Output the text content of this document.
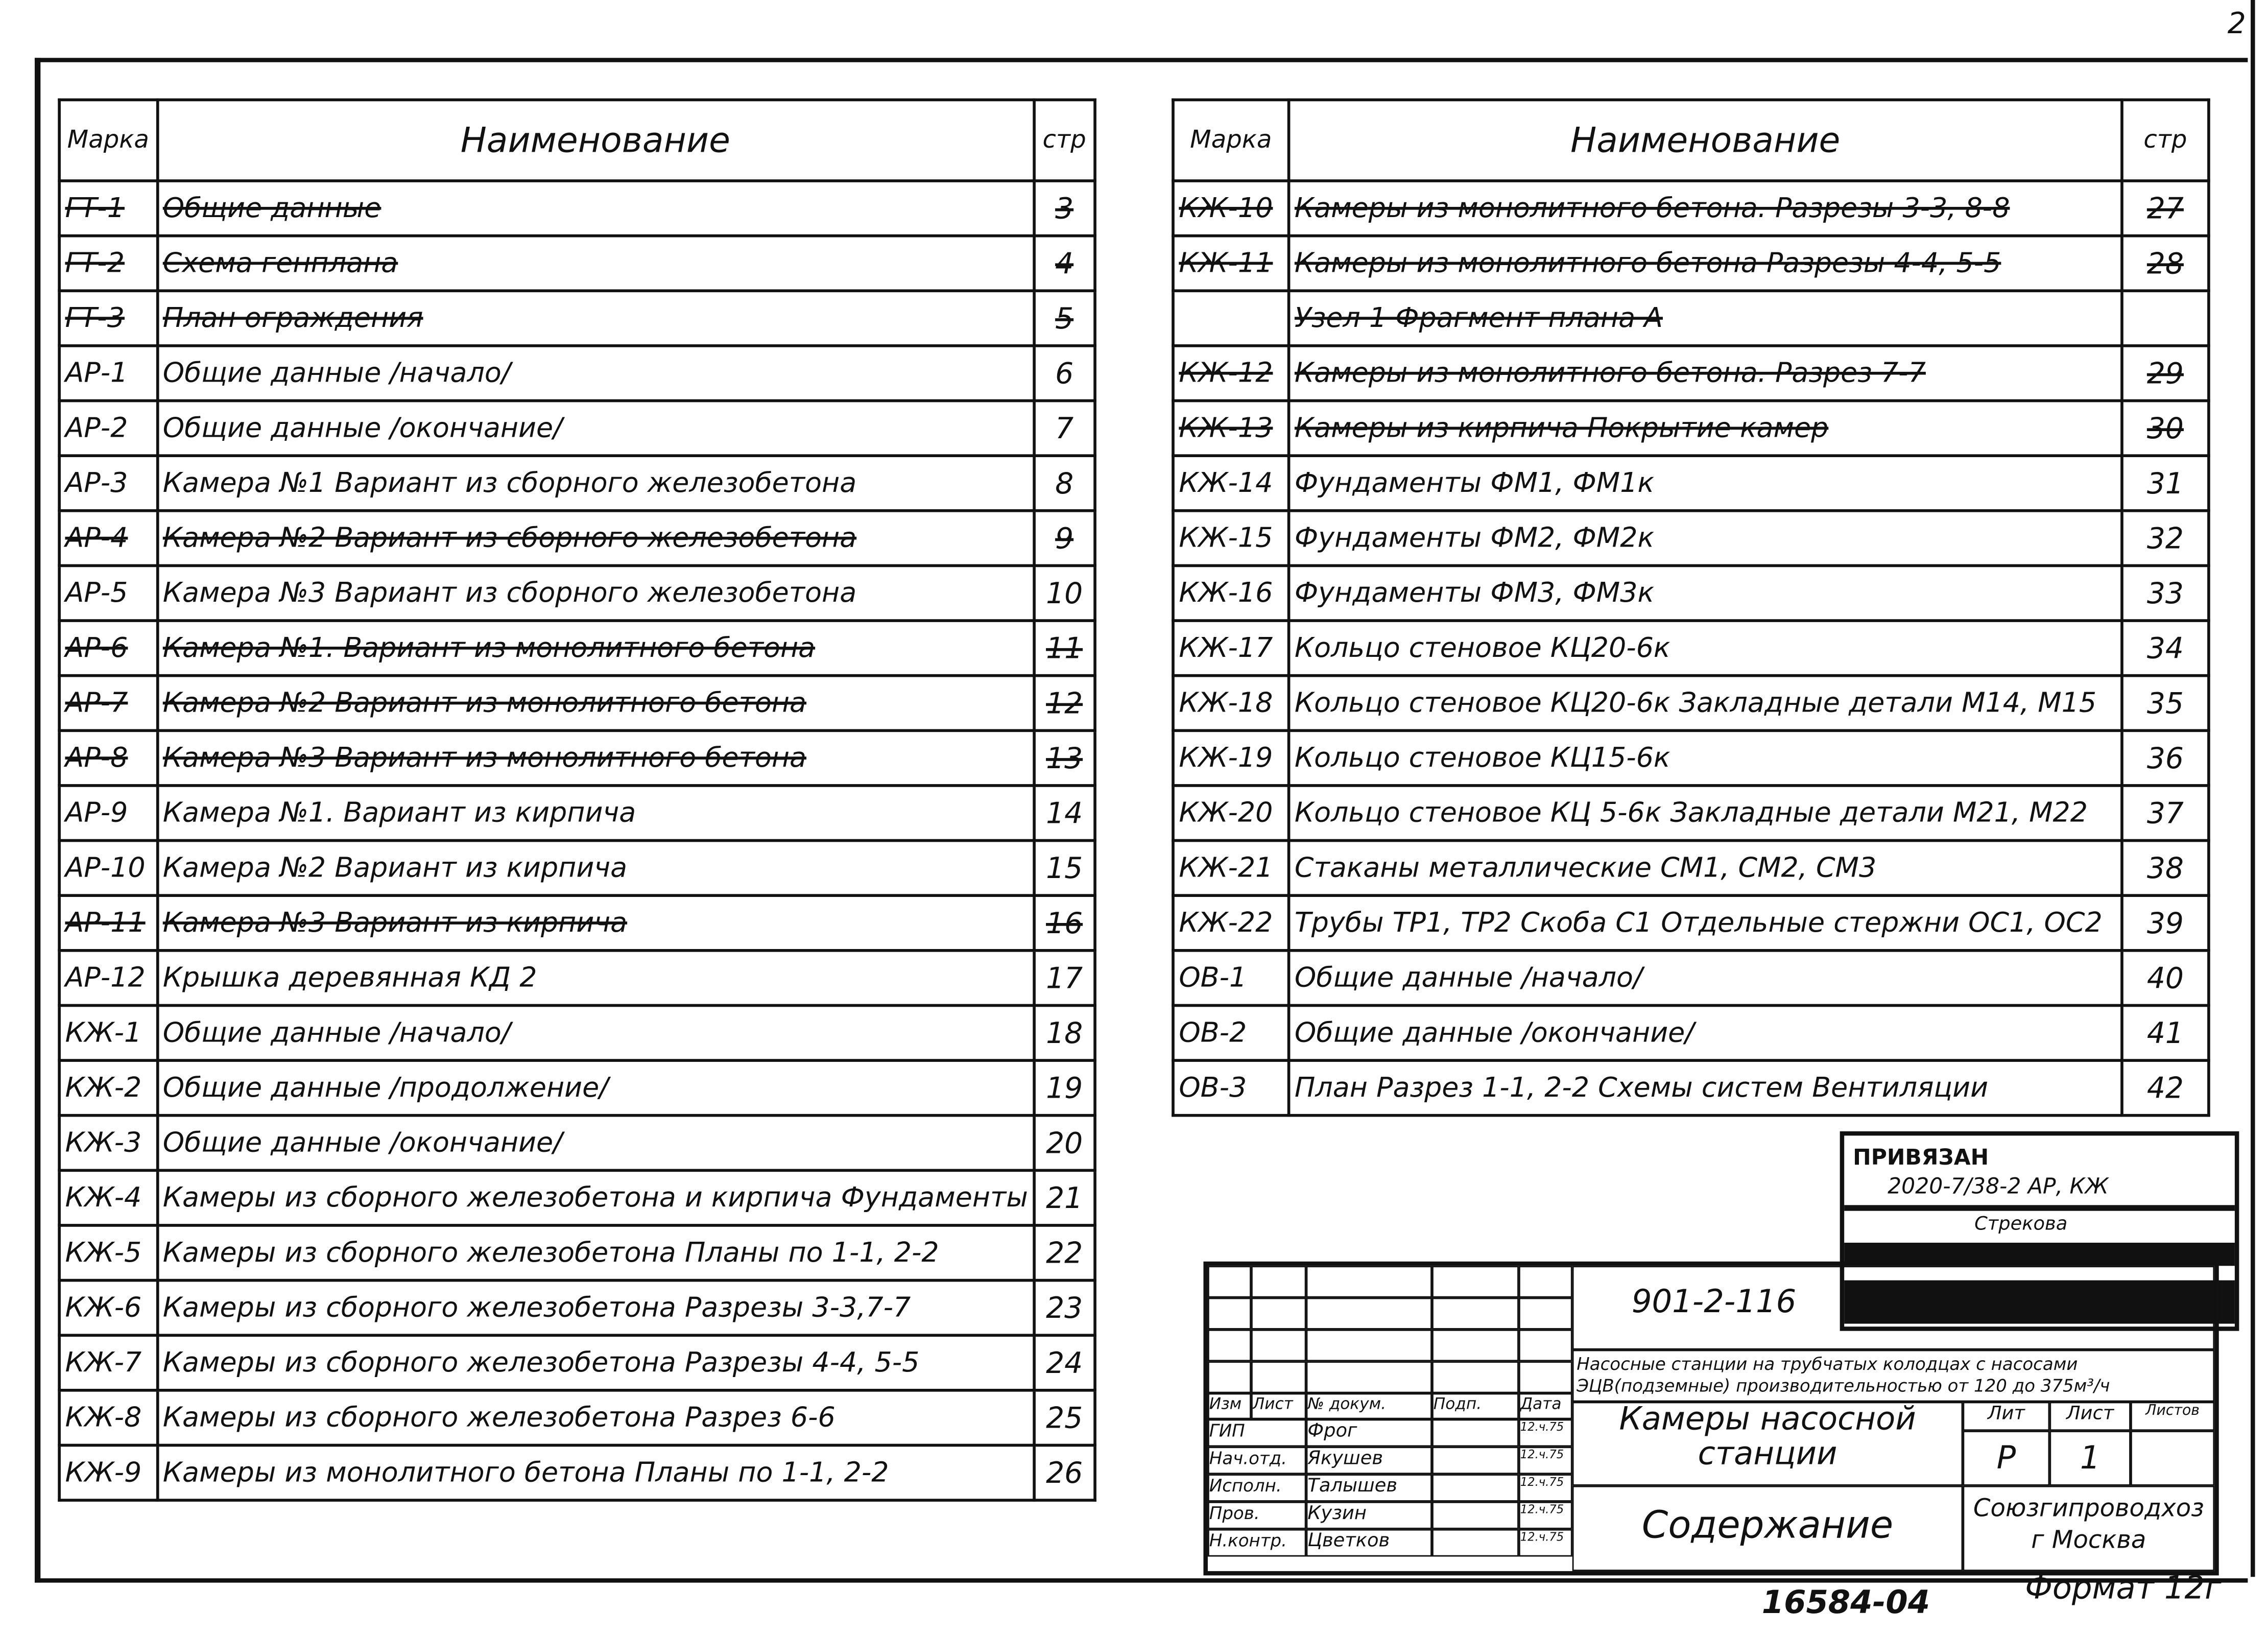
2
Марка	Наименование	стр
ГТ-1	Общие данные	3
ГТ-2	Схема генплана	4
ГТ-3	План ограждения	5
АР-1	Общие данные /начало/	6
АР-2	Общие данные /окончание/	7
АР-3	Камера №1 Вариант из сборного железобетона	8
АР-4	Камера №2 Вариант из сборного железобетона	9
АР-5	Камера №3 Вариант из сборного железобетона	10
АР-6	Камера №1. Вариант из монолитного бетона	11
АР-7	Камера №2 Вариант из монолитного бетона	12
АР-8	Камера №3 Вариант из монолитного бетона	13
АР-9	Камера №1. Вариант из кирпича	14
АР-10	Камера №2 Вариант из кирпича	15
АР-11	Камера №3 Вариант из кирпича	16
АР-12	Крышка деревянная КД 2	17
КЖ-1	Общие данные /начало/	18
КЖ-2	Общие данные /продолжение/	19
КЖ-3	Общие данные /окончание/	20
КЖ-4	Камеры из сборного железобетона и кирпича Фундаменты	21
КЖ-5	Камеры из сборного железобетона Планы по 1-1, 2-2	22
КЖ-6	Камеры из сборного железобетона Разрезы 3-3,7-7	23
КЖ-7	Камеры из сборного железобетона Разрезы 4-4, 5-5	24
КЖ-8	Камеры из сборного железобетона Разрез 6-6	25
КЖ-9	Камеры из монолитного бетона Планы по 1-1, 2-2	26
Марка	Наименование	стр
КЖ-10	Камеры из монолитного бетона. Разрезы 3-3, 8-8	27
КЖ-11	Камеры из монолитного бетона Разрезы 4-4, 5-5	28
	Узел 1 Фрагмент плана А	
КЖ-12	Камеры из монолитного бетона. Разрез 7-7	29
КЖ-13	Камеры из кирпича Покрытие камер	30
КЖ-14	Фундаменты ФМ1, ФМ1к	31
КЖ-15	Фундаменты ФМ2, ФМ2к	32
КЖ-16	Фундаменты ФМ3, ФМ3к	33
КЖ-17	Кольцо стеновое КЦ20-6к	34
КЖ-18	Кольцо стеновое КЦ20-6к Закладные детали М14, М15	35
КЖ-19	Кольцо стеновое КЦ15-6к	36
КЖ-20	Кольцо стеновое КЦ 5-6к Закладные детали М21, М22	37
КЖ-21	Стаканы металлические СМ1, СМ2, СМ3	38
КЖ-22	Трубы ТР1, ТР2 Скоба С1 Отдельные стержни ОС1, ОС2	39
ОВ-1	Общие данные /начало/	40
ОВ-2	Общие данные /окончание/	41
ОВ-3	План Разрез 1-1, 2-2 Схемы систем Вентиляции	42
ПРИВЯЗАН
2020-7/38-2 АР, КЖ
Стрекова
Изм	Лист	№ докум.	Подп.	Дата
ГИП	Фрог	12.ч.75
Нач.отд.	Якушев	12.ч.75
Исполн.	Талышев	12.ч.75
Пров.	Кузин	12.ч.75
Н.контр.	Цветков	12.ч.75
901-2-116
Насосные станции на трубчатых колодцах с насосами ЭЦВ(подземные) производительностью от 120 до 375м³/ч
Камеры насосной станции
Лит	Лист	Листов
Р	1
Содержание	Союзгипроводхоз г Москва
Формат 12г
16584-04
